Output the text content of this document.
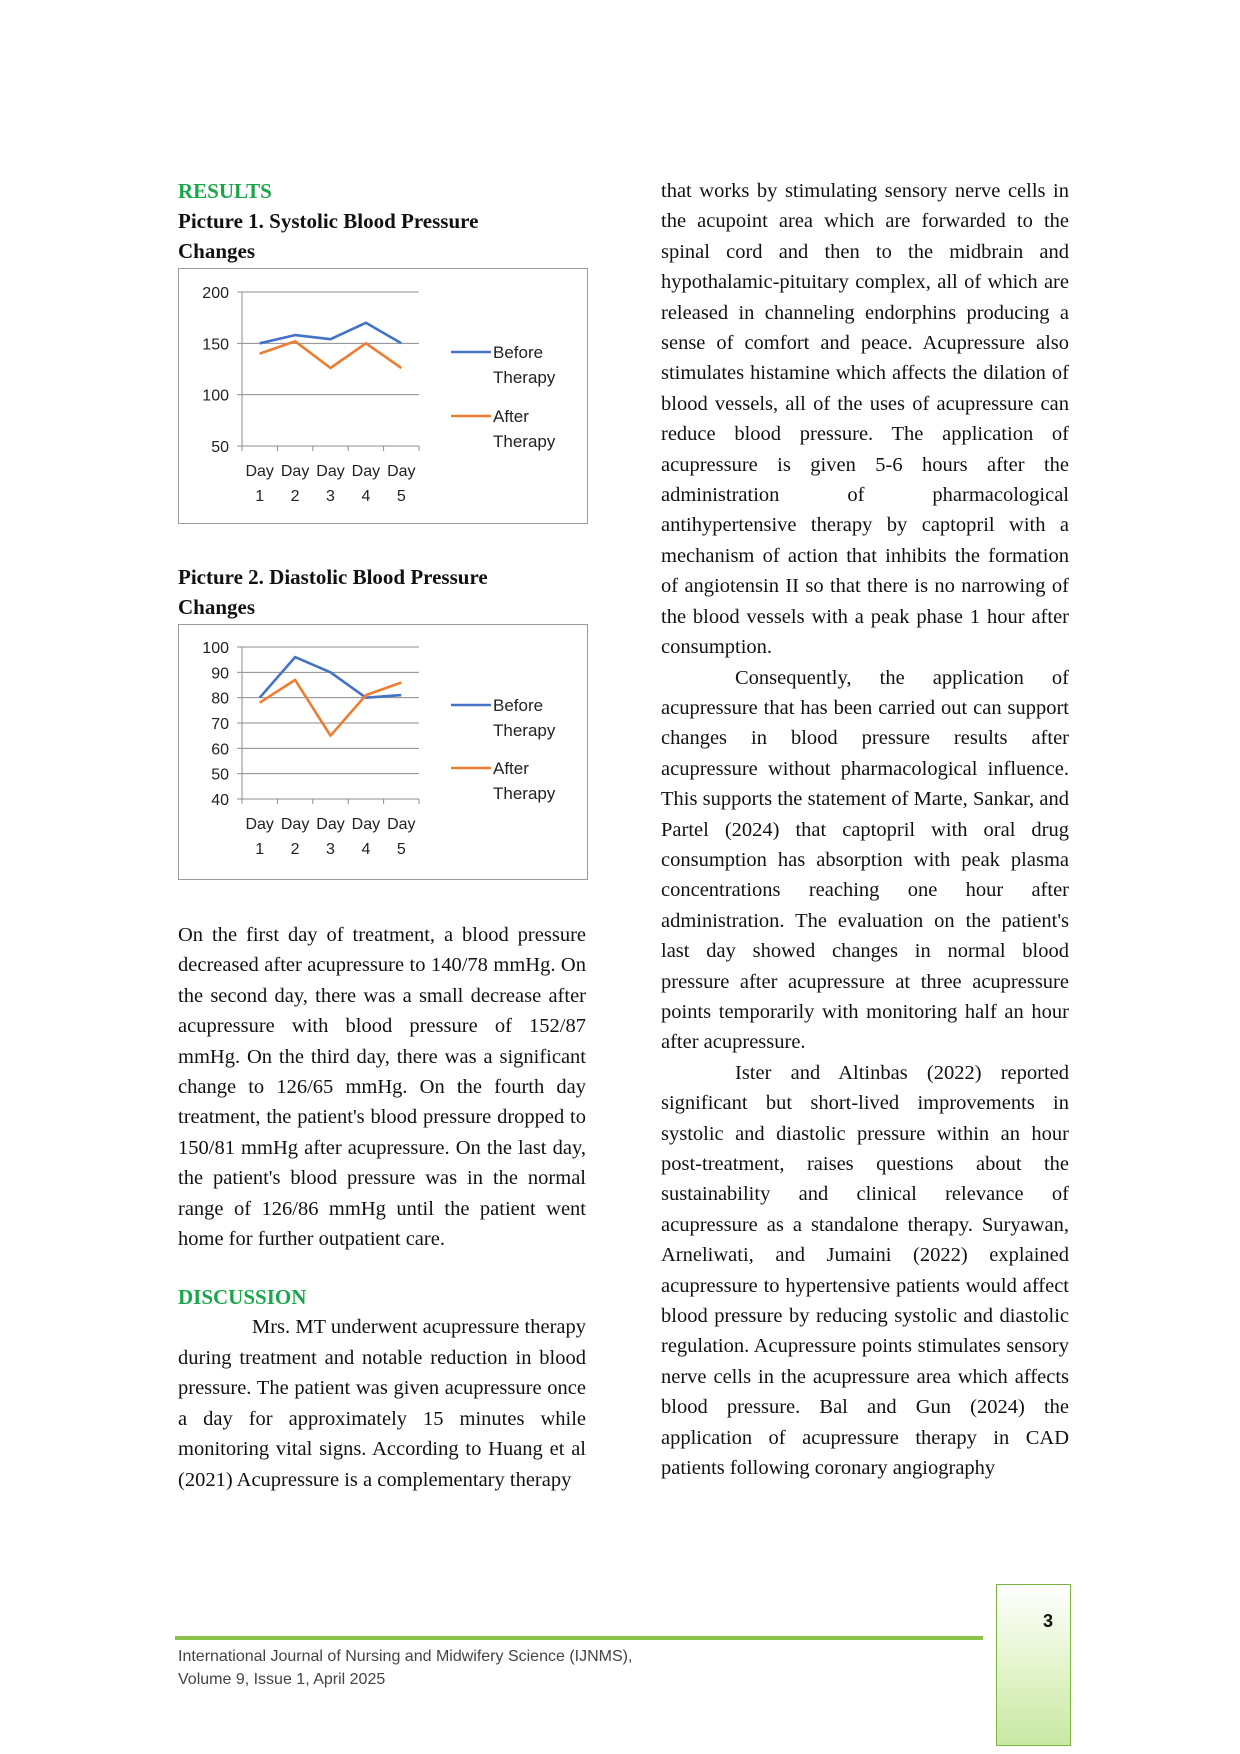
RESULTS

Picture 1. Systolic Blood Pressure
Changes

200
150
100
50
Day 1
Day 2
Day 3
Day 4
Day 5
Before
Therapy
After
Therapy

Picture 2. Diastolic Blood Pressure
Changes

100
90
80
70
60
50
40
Day 1
Day 2
Day 3
Day 4
Day 5
Before
Therapy
After
Therapy

On the first day of treatment, a blood pressure decreased after acupressure to 140/78 mmHg. On the second day, there was a small decrease after acupressure with blood pressure of 152/87 mmHg. On the third day, there was a significant change to 126/65 mmHg. On the fourth day treatment, the patient's blood pressure dropped to 150/81 mmHg after acupressure. On the last day, the patient's blood pressure was in the normal range of 126/86 mmHg until the patient went home for further outpatient care.

DISCUSSION

Mrs. MT underwent acupressure therapy during treatment and notable reduction in blood pressure. The patient was given acupressure once a day for approximately 15 minutes while monitoring vital signs. According to Huang et al (2021) Acupressure is a complementary therapy

that works by stimulating sensory nerve cells in the acupoint area which are forwarded to the spinal cord and then to the midbrain and hypothalamic-pituitary complex, all of which are released in channeling endorphins producing a sense of comfort and peace. Acupressure also stimulates histamine which affects the dilation of blood vessels, all of the uses of acupressure can reduce blood pressure. The application of acupressure is given 5-6 hours after the administration of pharmacological antihypertensive therapy by captopril with a mechanism of action that inhibits the formation of angiotensin II so that there is no narrowing of the blood vessels with a peak phase 1 hour after consumption.

Consequently, the application of acupressure that has been carried out can support changes in blood pressure results after acupressure without pharmacological influence. This supports the statement of Marte, Sankar, and Partel (2024) that captopril with oral drug consumption has absorption with peak plasma concentrations reaching one hour after administration. The evaluation on the patient's last day showed changes in normal blood pressure after acupressure at three acupressure points temporarily with monitoring half an hour after acupressure.

Ister and Altinbas (2022) reported significant but short-lived improvements in systolic and diastolic pressure within an hour post-treatment, raises questions about the sustainability and clinical relevance of acupressure as a standalone therapy. Suryawan, Arneliwati, and Jumaini (2022) explained acupressure to hypertensive patients would affect blood pressure by reducing systolic and diastolic regulation. Acupressure points stimulates sensory nerve cells in the acupressure area which affects blood pressure. Bal and Gun (2024) the application of acupressure therapy in CAD patients following coronary angiography

International Journal of Nursing and Midwifery Science (IJNMS),
Volume 9, Issue 1, April 2025
3
